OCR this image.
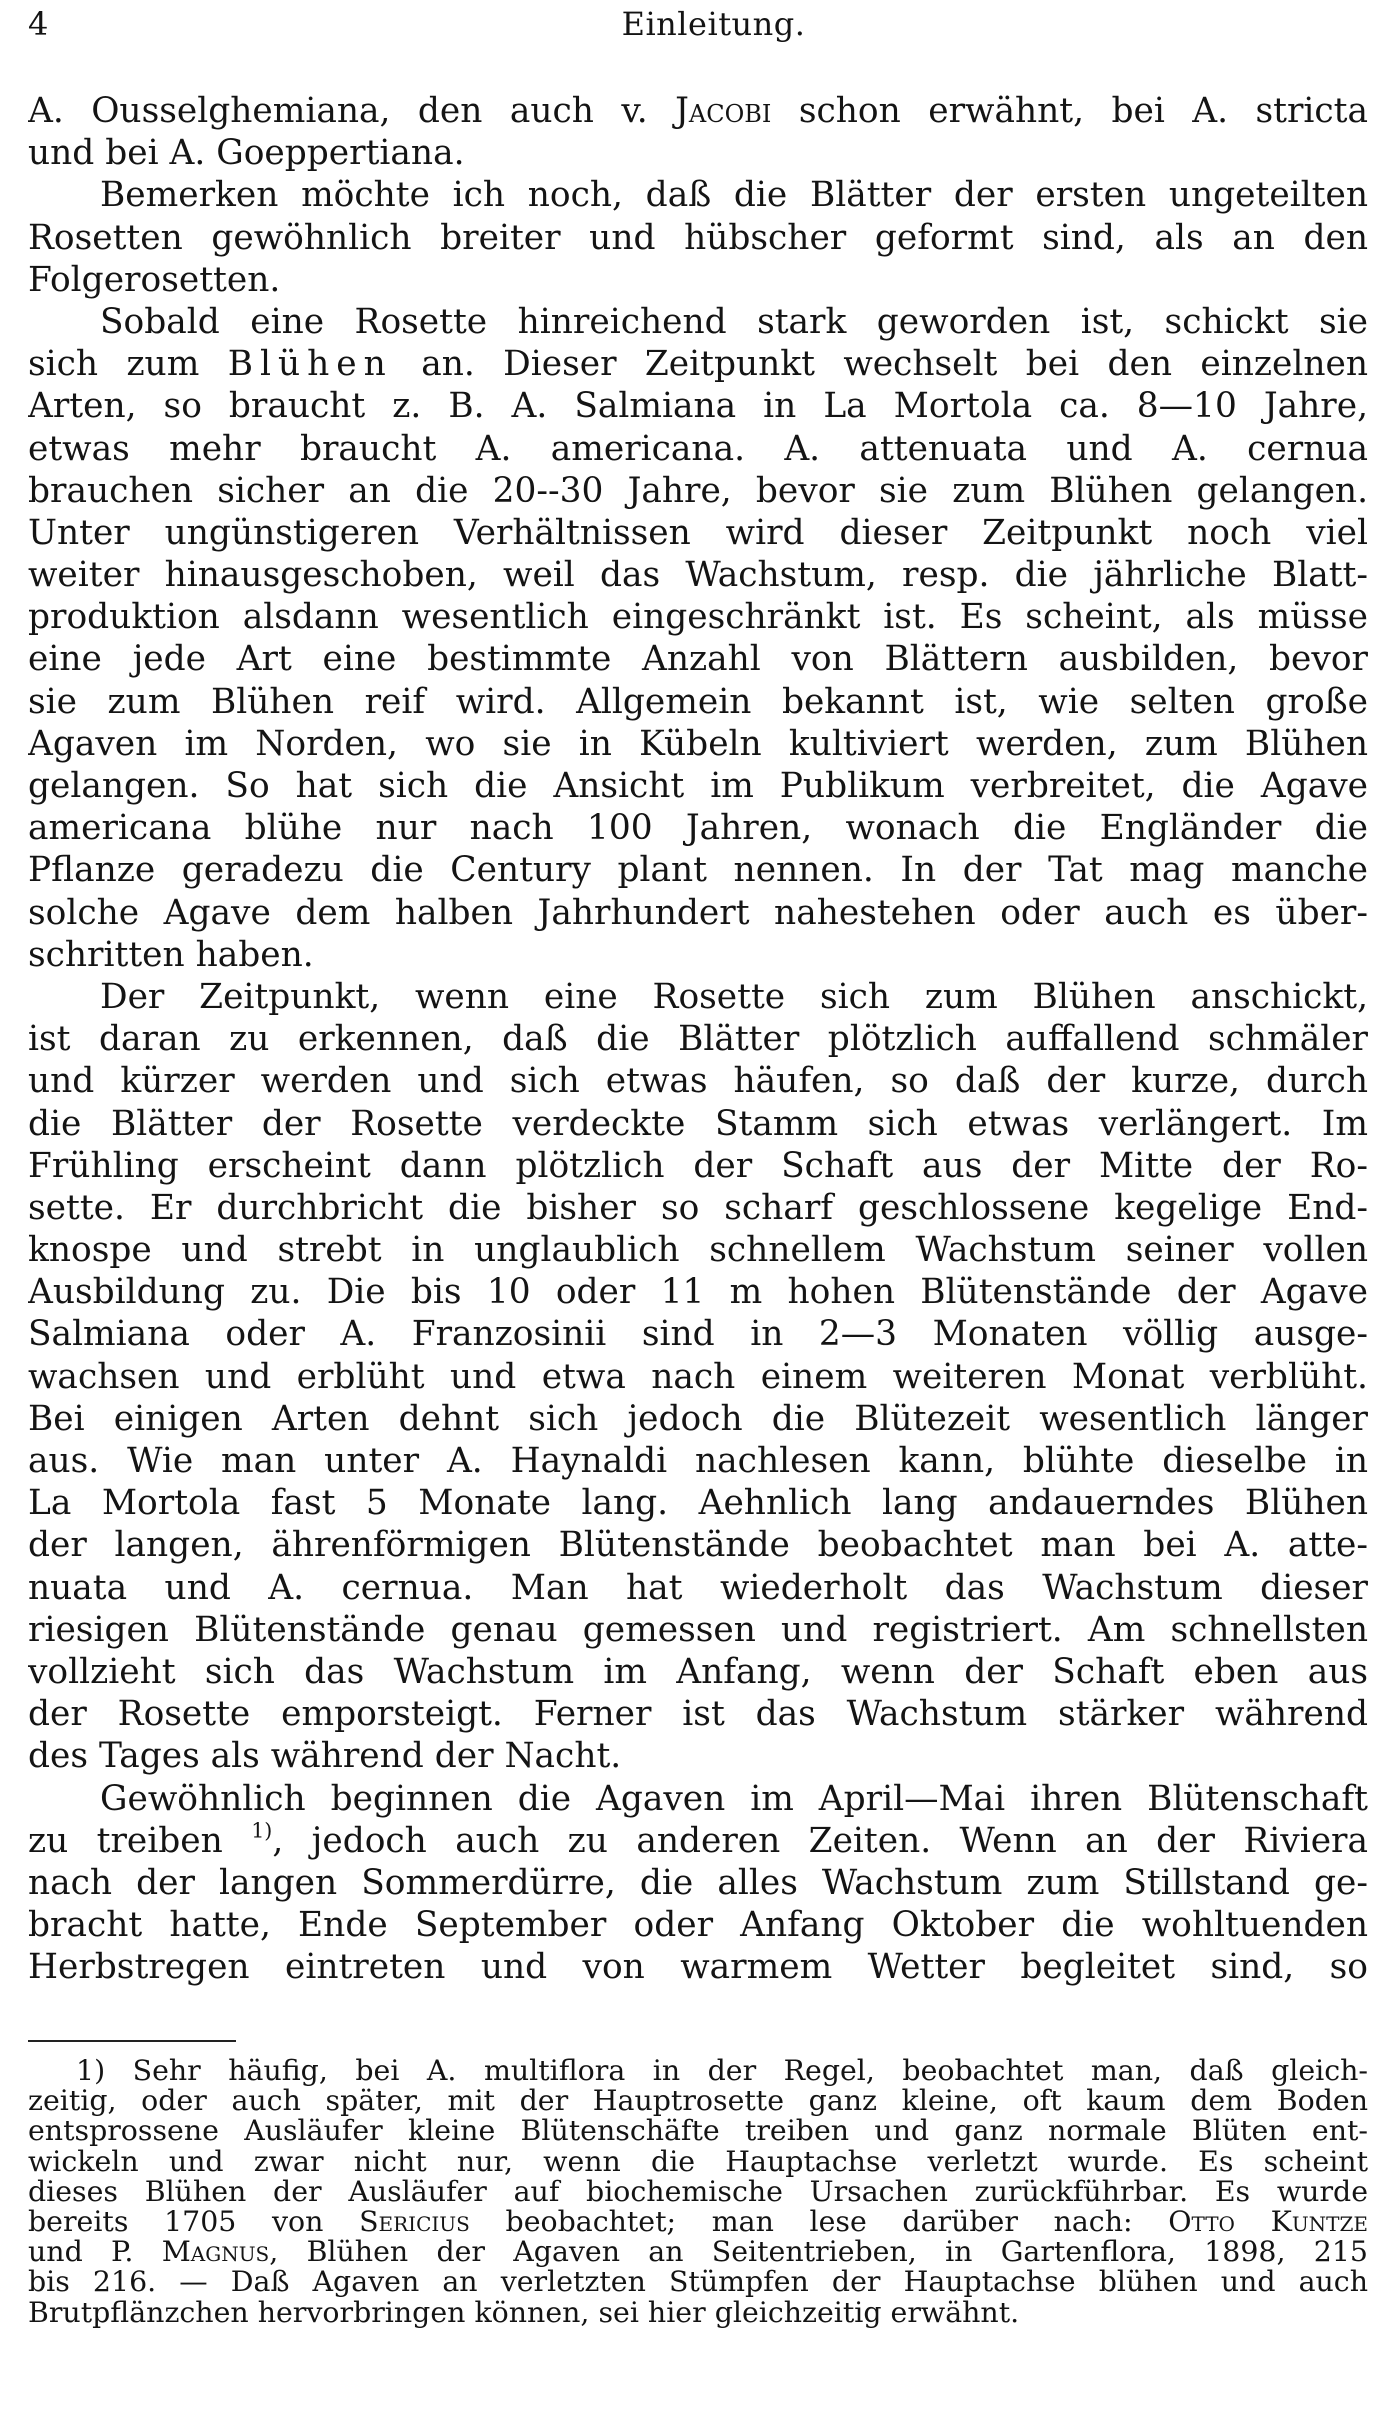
4	Einleitung.
A. Ousselghemiana, den auch v. Jacobi schon erwähnt, bei A. stricta
und bei A. Goeppertiana.
Bemerken möchte ich noch, daß die Blätter der ersten ungeteilten
Rosetten gewöhnlich breiter und hübscher geformt sind, als an den
Folgerosetten.
Sobald eine Rosette hinreichend stark geworden ist, schickt sie
sich zum Blühen an. Dieser Zeitpunkt wechselt bei den einzelnen
Arten, so braucht z. B. A. Salmiana in La Mortola ca. 8—10 Jahre,
etwas mehr braucht A. americana. A. attenuata und A. cernua
brauchen sicher an die 20--30 Jahre, bevor sie zum Blühen gelangen.
Unter ungünstigeren Verhältnissen wird dieser Zeitpunkt noch viel
weiter hinausgeschoben, weil das Wachstum, resp. die jährliche Blatt-
produktion alsdann wesentlich eingeschränkt ist. Es scheint, als müsse
eine jede Art eine bestimmte Anzahl von Blättern ausbilden, bevor
sie zum Blühen reif wird. Allgemein bekannt ist, wie selten große
Agaven im Norden, wo sie in Kübeln kultiviert werden, zum Blühen
gelangen. So hat sich die Ansicht im Publikum verbreitet, die Agave
americana blühe nur nach 100 Jahren, wonach die Engländer die
Pflanze geradezu die Century plant nennen. In der Tat mag manche
solche Agave dem halben Jahrhundert nahestehen oder auch es über-
schritten haben.
Der Zeitpunkt, wenn eine Rosette sich zum Blühen anschickt,
ist daran zu erkennen, daß die Blätter plötzlich auffallend schmäler
und kürzer werden und sich etwas häufen, so daß der kurze, durch
die Blätter der Rosette verdeckte Stamm sich etwas verlängert. Im
Frühling erscheint dann plötzlich der Schaft aus der Mitte der Ro-
sette. Er durchbricht die bisher so scharf geschlossene kegelige End-
knospe und strebt in unglaublich schnellem Wachstum seiner vollen
Ausbildung zu. Die bis 10 oder 11 m hohen Blütenstände der Agave
Salmiana oder A. Franzosinii sind in 2—3 Monaten völlig ausge-
wachsen und erblüht und etwa nach einem weiteren Monat verblüht.
Bei einigen Arten dehnt sich jedoch die Blütezeit wesentlich länger
aus. Wie man unter A. Haynaldi nachlesen kann, blühte dieselbe in
La Mortola fast 5 Monate lang. Aehnlich lang andauerndes Blühen
der langen, ährenförmigen Blütenstände beobachtet man bei A. atte-
nuata und A. cernua. Man hat wiederholt das Wachstum dieser
riesigen Blütenstände genau gemessen und registriert. Am schnellsten
vollzieht sich das Wachstum im Anfang, wenn der Schaft eben aus
der Rosette emporsteigt. Ferner ist das Wachstum stärker während
des Tages als während der Nacht.
Gewöhnlich beginnen die Agaven im April—Mai ihren Blütenschaft
zu treiben $^{1)}$, jedoch auch zu anderen Zeiten. Wenn an der Riviera
nach der langen Sommerdürre, die alles Wachstum zum Stillstand ge-
bracht hatte, Ende September oder Anfang Oktober die wohltuenden
Herbstregen eintreten und von warmem Wetter begleitet sind, so
1) Sehr häufig, bei A. multiflora in der Regel, beobachtet man, daß gleich-
zeitig, oder auch später, mit der Hauptrosette ganz kleine, oft kaum dem Boden
entsprossene Ausläufer kleine Blütenschäfte treiben und ganz normale Blüten ent-
wickeln und zwar nicht nur, wenn die Hauptachse verletzt wurde. Es scheint
dieses Blühen der Ausläufer auf biochemische Ursachen zurückführbar. Es wurde
bereits 1705 von Sericius beobachtet; man lese darüber nach: Otto Kuntze
und P. Magnus, Blühen der Agaven an Seitentrieben, in Gartenflora, 1898, 215
bis 216. — Daß Agaven an verletzten Stümpfen der Hauptachse blühen und auch
Brutpflänzchen hervorbringen können, sei hier gleichzeitig erwähnt.
